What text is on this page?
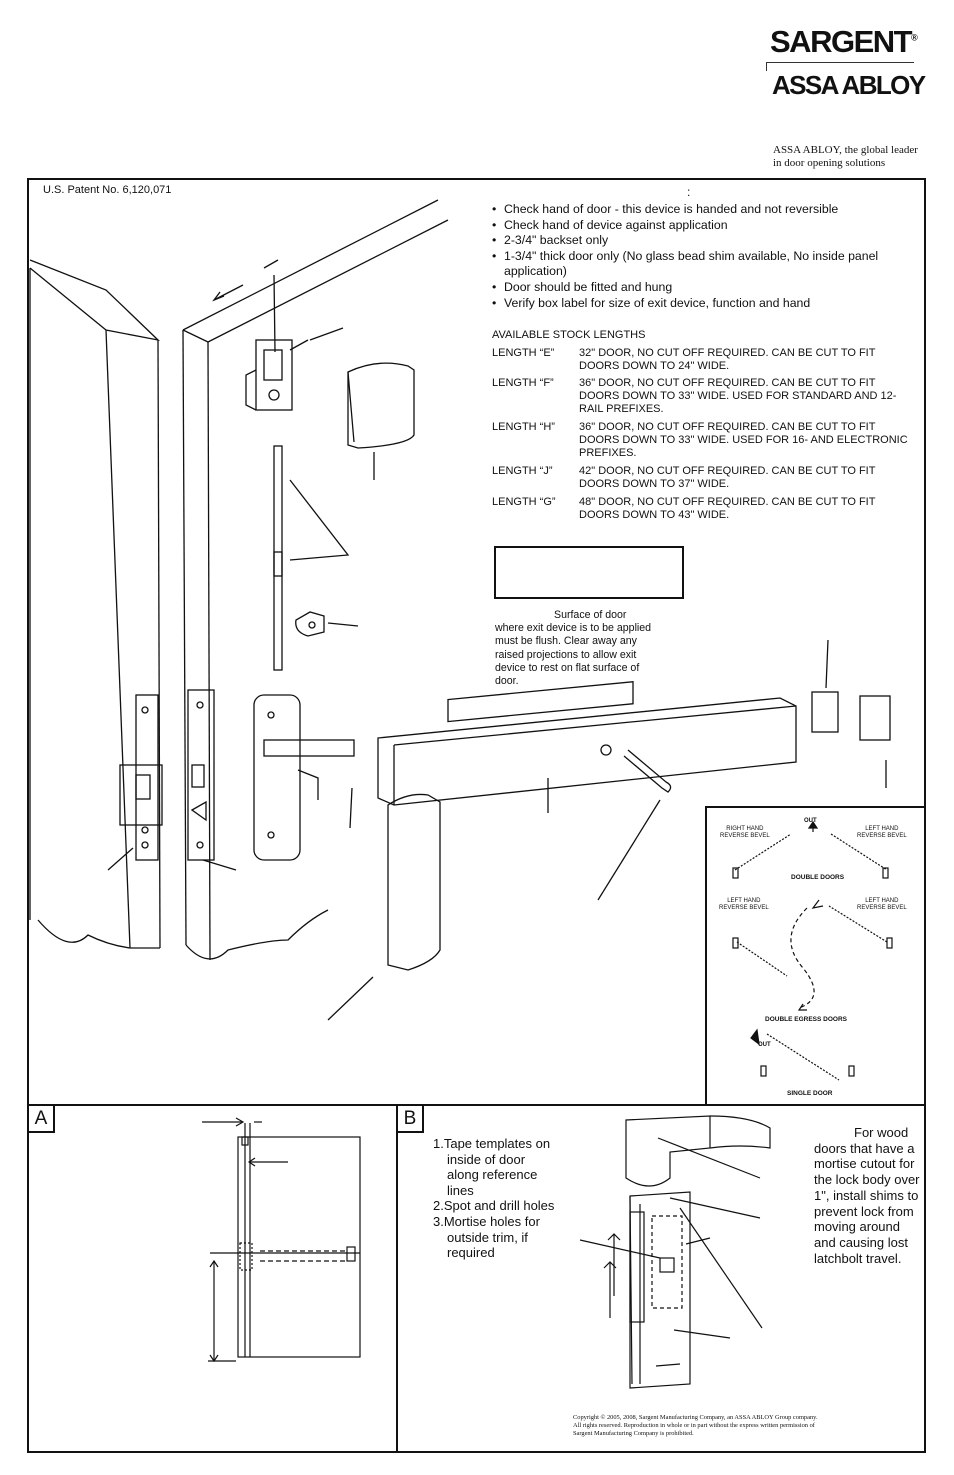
SARGENT®
ASSA ABLOY
ASSA ABLOY, the global leader
in door opening solutions
U.S. Patent No. 6,120,071	:
• Check hand of door - this device is handed and not reversible
• Check hand of device against application
• 2-3/4" backset only
• 1-3/4" thick door only (No glass bead shim available, No inside panel application)
• Door should be fitted and hung
• Verify box label for size of exit device, function and hand
AVAILABLE STOCK LENGTHS
LENGTH “E”	32" DOOR, NO CUT OFF REQUIRED. CAN BE CUT TO FIT DOORS DOWN TO 24" WIDE.
LENGTH “F”	36" DOOR, NO CUT OFF REQUIRED. CAN BE CUT TO FIT DOORS DOWN TO 33" WIDE. USED FOR STANDARD AND 12- RAIL PREFIXES.
LENGTH “H”	36" DOOR, NO CUT OFF REQUIRED. CAN BE CUT TO FIT DOORS DOWN TO 33" WIDE. USED FOR 16- AND ELECTRONIC PREFIXES.
LENGTH “J”	42" DOOR, NO CUT OFF REQUIRED. CAN BE CUT TO FIT DOORS DOWN TO 37" WIDE.
LENGTH “G”	48" DOOR, NO CUT OFF REQUIRED. CAN BE CUT TO FIT DOORS DOWN TO 43" WIDE.
Surface of door
where exit device is to be applied must be flush. Clear away any raised projections to allow exit device to rest on flat surface of door.
OUT
RIGHT HAND
REVERSE BEVEL
LEFT HAND
REVERSE BEVEL
DOUBLE DOORS
LEFT HAND
REVERSE BEVEL
LEFT HAND
REVERSE BEVEL
DOUBLE EGRESS DOORS
OUT
SINGLE DOOR
A	B
1.Tape templates on inside of door along reference lines
2.Spot and drill holes
3.Mortise holes for outside trim, if required
For wood
doors that have a mortise cutout for the lock body over 1", install shims to prevent lock from moving around and causing lost latchbolt travel.
Copyright © 2005, 2008, Sargent Manufacturing Company, an ASSA ABLOY Group company. All rights reserved. Reproduction in whole or in part without the express written permission of Sargent Manufacturing Company is prohibited.
